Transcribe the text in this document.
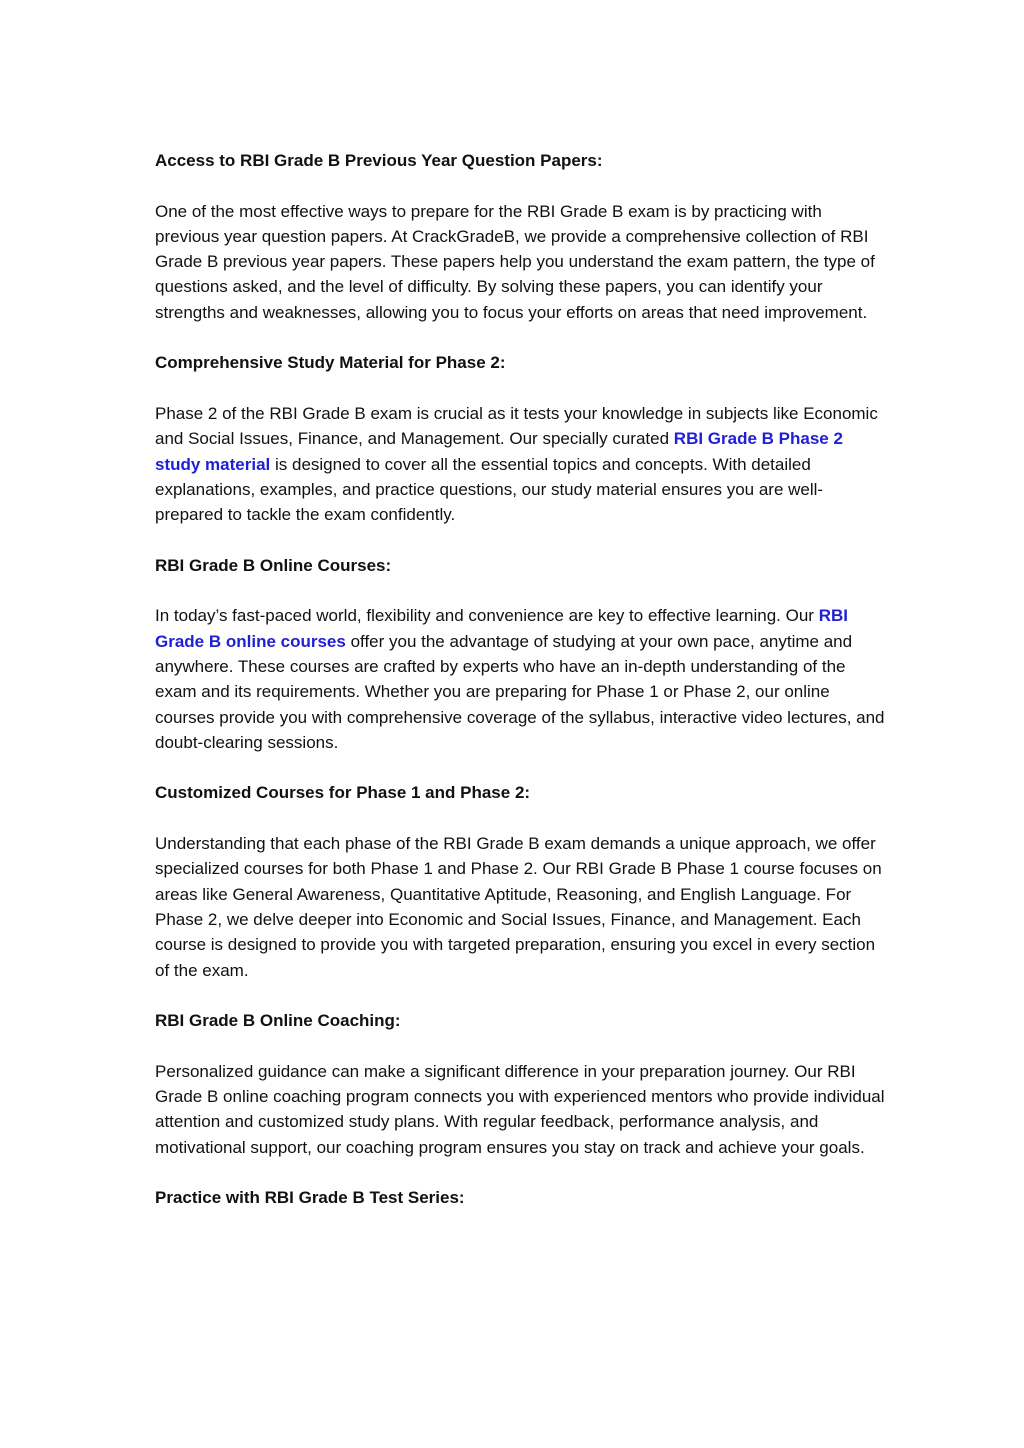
Access to RBI Grade B Previous Year Question Papers:

One of the most effective ways to prepare for the RBI Grade B exam is by practicing with previous year question papers. At CrackGradeB, we provide a comprehensive collection of RBI Grade B previous year papers. These papers help you understand the exam pattern, the type of questions asked, and the level of difficulty. By solving these papers, you can identify your strengths and weaknesses, allowing you to focus your efforts on areas that need improvement.

Comprehensive Study Material for Phase 2:

Phase 2 of the RBI Grade B exam is crucial as it tests your knowledge in subjects like Economic and Social Issues, Finance, and Management. Our specially curated RBI Grade B Phase 2 study material is designed to cover all the essential topics and concepts. With detailed explanations, examples, and practice questions, our study material ensures you are well-prepared to tackle the exam confidently.

RBI Grade B Online Courses:

In today’s fast-paced world, flexibility and convenience are key to effective learning. Our RBI Grade B online courses offer you the advantage of studying at your own pace, anytime and anywhere. These courses are crafted by experts who have an in-depth understanding of the exam and its requirements. Whether you are preparing for Phase 1 or Phase 2, our online courses provide you with comprehensive coverage of the syllabus, interactive video lectures, and doubt-clearing sessions.

Customized Courses for Phase 1 and Phase 2:

Understanding that each phase of the RBI Grade B exam demands a unique approach, we offer specialized courses for both Phase 1 and Phase 2. Our RBI Grade B Phase 1 course focuses on areas like General Awareness, Quantitative Aptitude, Reasoning, and English Language. For Phase 2, we delve deeper into Economic and Social Issues, Finance, and Management. Each course is designed to provide you with targeted preparation, ensuring you excel in every section of the exam.

RBI Grade B Online Coaching:

Personalized guidance can make a significant difference in your preparation journey. Our RBI Grade B online coaching program connects you with experienced mentors who provide individual attention and customized study plans. With regular feedback, performance analysis, and motivational support, our coaching program ensures you stay on track and achieve your goals.

Practice with RBI Grade B Test Series:
